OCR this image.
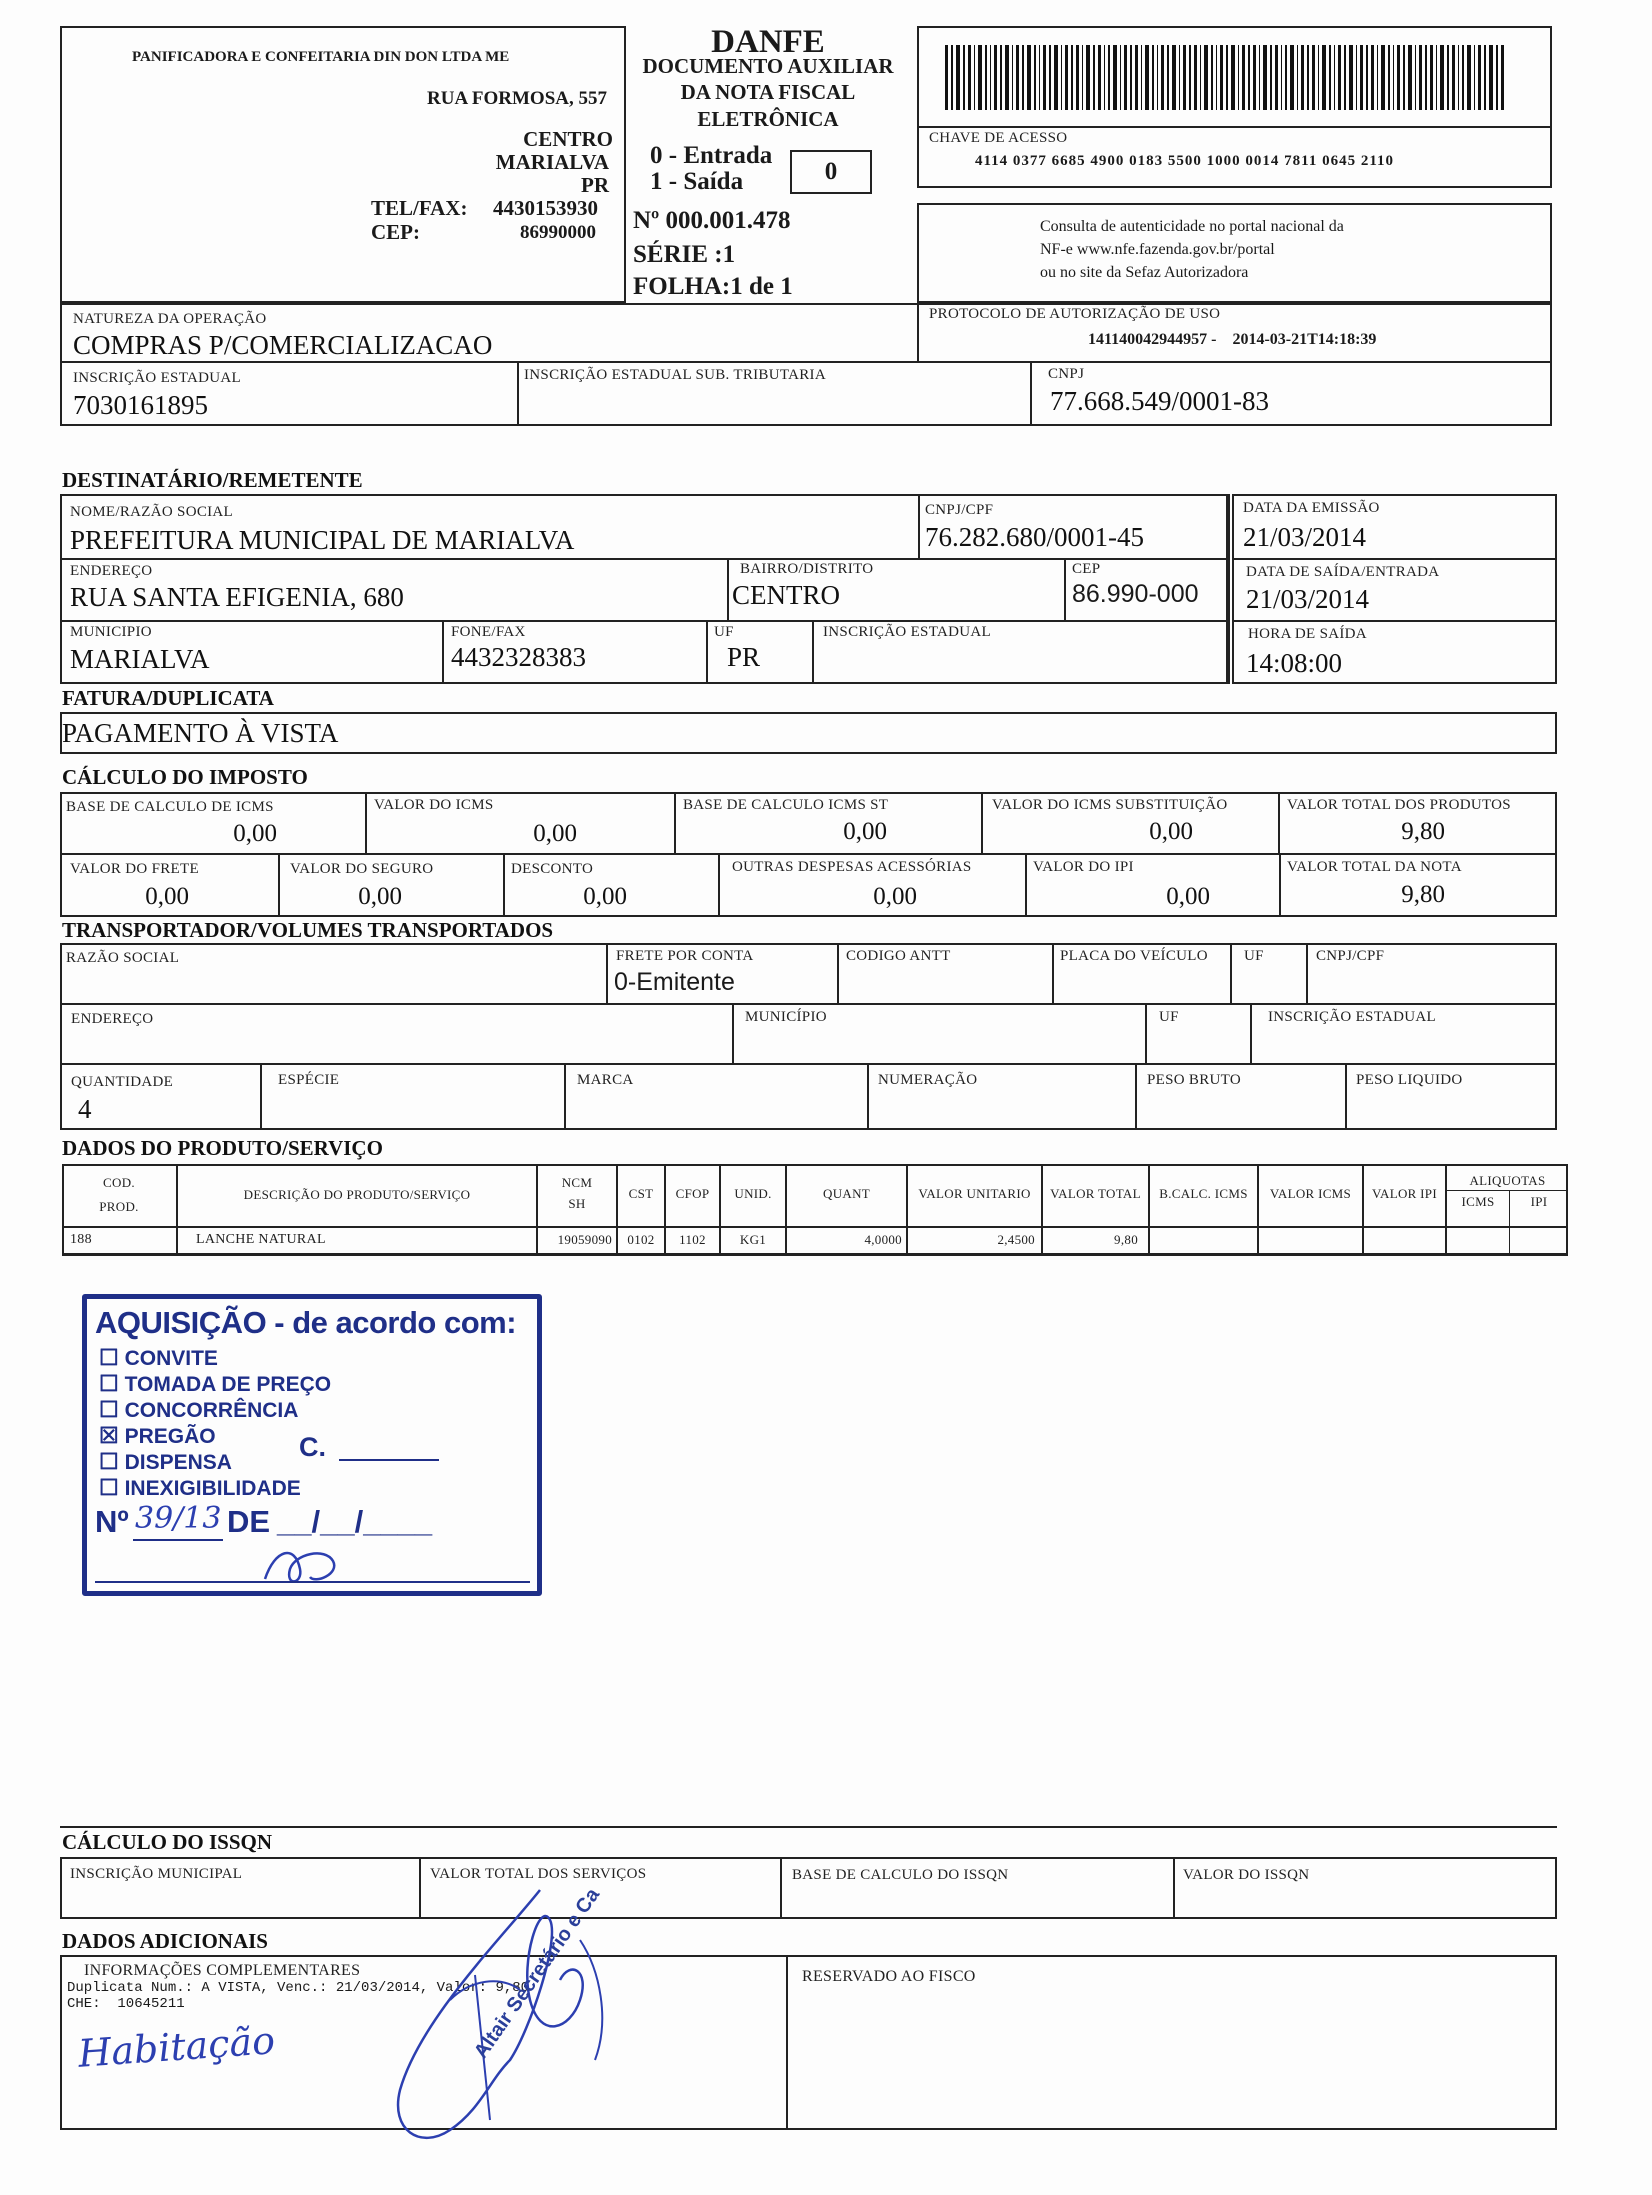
PANIFICADORA E CONFEITARIA DIN DON LTDA ME
RUA FORMOSA, 557
CENTRO
MARIALVA
PR
TEL/FAX: 4430153930
CEP:	86990000
DANFE
DOCUMENTO AUXILIAR
DA NOTA FISCAL
ELETRÔNICA
0 - Entrada
1 - Saída	0
Nº 000.001.478
SÉRIE :1
FOLHA:1 de 1
CHAVE DE ACESSO
4114 0377 6685 4900 0183 5500 1000 0014 7811 0645 2110
Consulta de autenticidade no portal nacional da
NF-e www.nfe.fazenda.gov.br/portal
ou no site da Sefaz Autorizadora
NATUREZA DA OPERAÇÃO
COMPRAS P/COMERCIALIZACAO
PROTOCOLO DE AUTORIZAÇÃO DE USO
141140042944957 -    2014-03-21T14:18:39
INSCRIÇÃO ESTADUAL
7030161895
INSCRIÇÃO ESTADUAL SUB. TRIBUTARIA	CNPJ
77.668.549/0001-83
DESTINATÁRIO/REMETENTE
NOME/RAZÃO SOCIAL
PREFEITURA MUNICIPAL DE MARIALVA
CNPJ/CPF
76.282.680/0001-45
DATA DA EMISSÃO
21/03/2014
ENDEREÇO
RUA SANTA EFIGENIA, 680
BAIRRO/DISTRITO
CENTRO
CEP
86.990-000
DATA DE SAÍDA/ENTRADA
21/03/2014
MUNICIPIO
MARIALVA
FONE/FAX
4432328383
UF
PR
INSCRIÇÃO ESTADUAL	HORA DE SAÍDA
14:08:00
FATURA/DUPLICATA
PAGAMENTO À VISTA
CÁLCULO DO IMPOSTO
BASE DE CALCULO DE ICMS
0,00
VALOR DO ICMS
0,00
BASE DE CALCULO ICMS ST
0,00
VALOR DO ICMS SUBSTITUIÇÃO
0,00
VALOR TOTAL DOS PRODUTOS
9,80
VALOR DO FRETE
0,00
VALOR DO SEGURO
0,00
DESCONTO
0,00
OUTRAS DESPESAS ACESSÓRIAS
0,00
VALOR DO IPI
0,00
VALOR TOTAL DA NOTA
9,80
TRANSPORTADOR/VOLUMES TRANSPORTADOS
RAZÃO SOCIAL	FRETE POR CONTA
0-Emitente
CODIGO ANTT	PLACA DO VEÍCULO UF	CNPJ/CPF
ENDEREÇO	MUNICÍPIO	UF	INSCRIÇÃO ESTADUAL
QUANTIDADE
4
ESPÉCIE	MARCA	NUMERAÇÃO	PESO BRUTO	PESO LIQUIDO
DADOS DO PRODUTO/SERVIÇO
COD.
PROD.
DESCRIÇÃO DO PRODUTO/SERVIÇO
NCM
SH
CST	CFOP	UNID.	QUANT	VALOR UNITARIO	VALOR TOTAL	B.CALC. ICMS	VALOR ICMS	VALOR IPI
ALIQUOTAS
ICMS	IPI
188	LANCHE NATURAL	19059090	0102	1102	KG1	4,0000	2,4500	9,80
AQUISIÇÃO - de acordo com:
☐ CONVITE
☐ TOMADA DE PREÇO
☐ CONCORRÊNCIA
☒ PREGÃO	C.
☐ DISPENSA
☐ INEXIGIBILIDADE
Nº 39/13 DE __/__/____
CÁLCULO DO ISSQN
INSCRIÇÃO MUNICIPAL	VALOR TOTAL DOS SERVIÇOS	BASE DE CALCULO DO ISSQN	VALOR DO ISSQN
DADOS ADICIONAIS
INFORMAÇÕES COMPLEMENTARES
Duplicata Num.: A VISTA, Venc.: 21/03/2014, Valor: 9,80
CHE:  10645211
Habitação
RESERVADO AO FISCO
Altair Secretário e Ca
